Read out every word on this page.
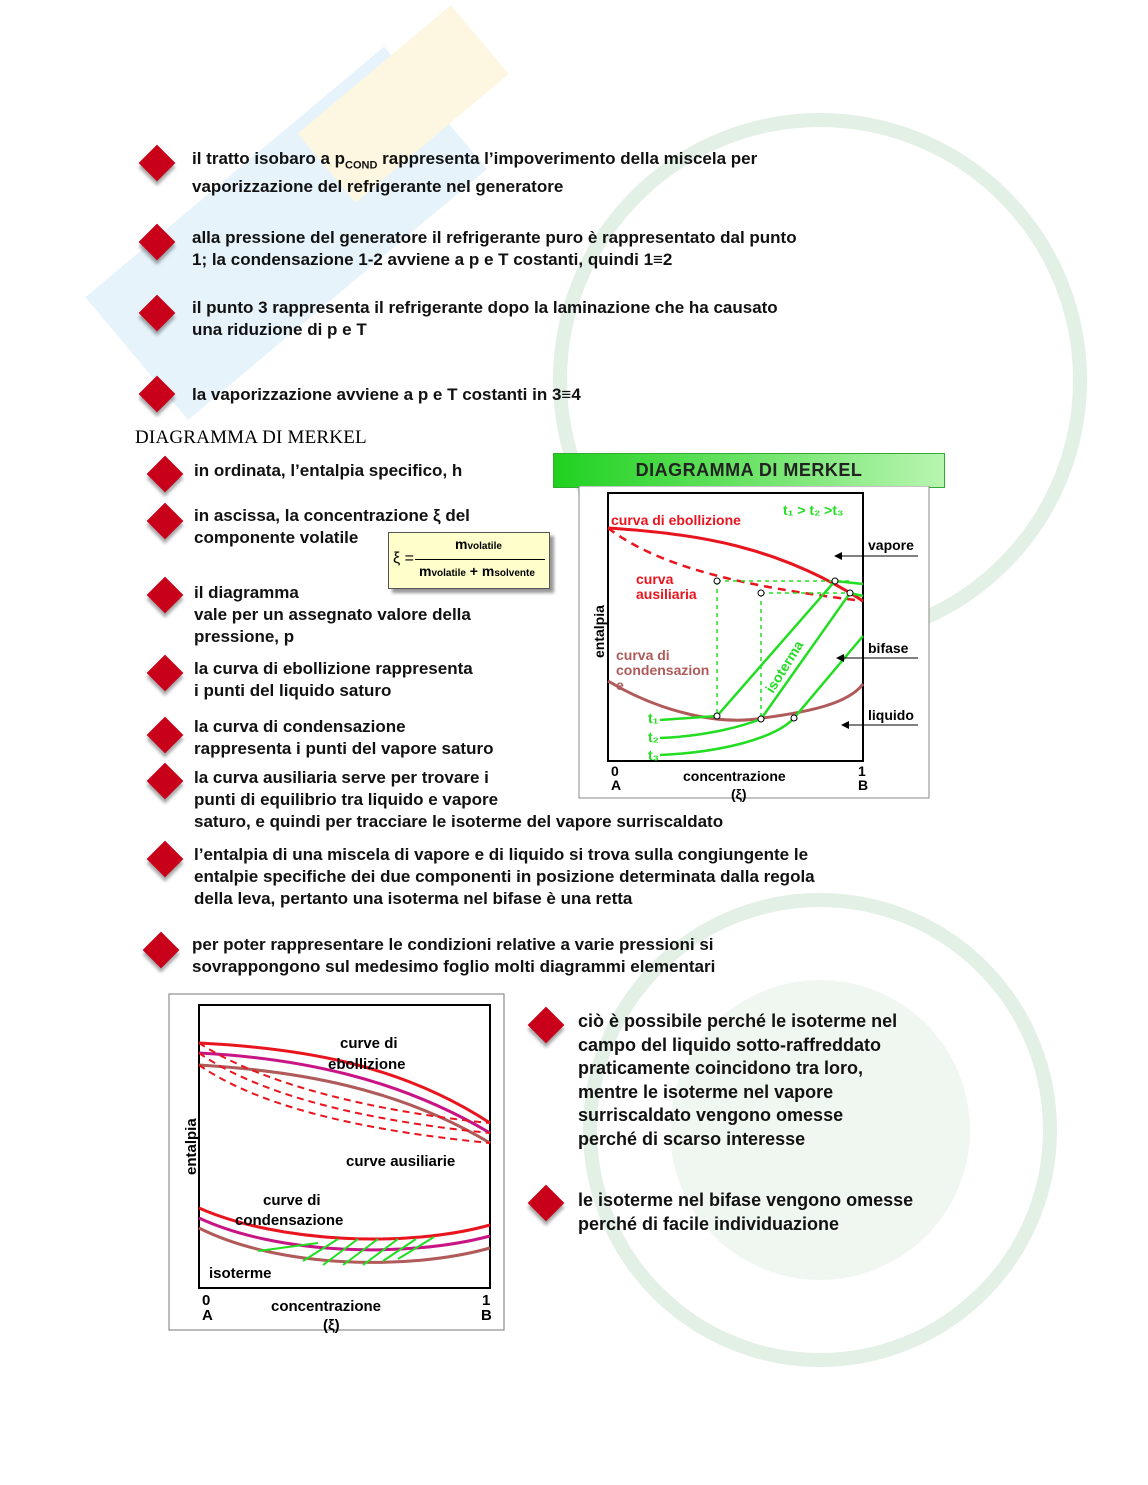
il tratto isobaro a $p_{COND}$ rappresenta l’impoverimento della miscela per
vaporizzazione del refrigerante nel generatore
alla pressione del generatore il refrigerante puro è rappresentato dal punto
1; la condensazione 1-2 avviene a p e T costanti, quindi 1≡2
il punto 3 rappresenta il refrigerante dopo la laminazione che ha causato
una riduzione di p e T
la vaporizzazione avviene a p e T costanti in 3≡4
DIAGRAMMA DI MERKEL
in ordinata, l’entalpia specifico, h
in ascissa, la concentrazione ξ del
componente volatile
ξ =
mvolatile
mvolatile + msolvente
il diagramma
vale per un assegnato valore della
pressione, p
la curva di ebollizione rappresenta
i punti del liquido saturo
la curva di condensazione
rappresenta i punti del vapore saturo
la curva ausiliaria serve per trovare i
punti di equilibrio tra liquido e vapore
saturo, e quindi per tracciare le isoterme del vapore surriscaldato
l’entalpia di una miscela di vapore e di liquido si trova sulla congiungente le
entalpie specifiche dei due componenti in posizione determinata dalla regola
della leva, pertanto una isoterma nel bifase è una retta
per poter rappresentare le condizioni relative a varie pressioni si
sovrappongono sul medesimo foglio molti diagrammi elementari
DIAGRAMMA DI MERKEL
t₁ > t₂ >t₃
curva di ebollizione
curva
ausiliaria
curva di
condensazion
e	isoterma
vapore
bifase
liquido
t₁
t₂
t₃
entalpia
concentrazione
(ξ)
0
A
1
B
curve di
ebollizione
curve ausiliarie
curve di
condensazione
isoterme
entalpia
concentrazione
(ξ)
0
A
1
B
ciò è possibile perché le isoterme nel
campo del liquido sotto-raffreddato
praticamente coincidono tra loro,
mentre le isoterme nel vapore
surriscaldato vengono omesse
perché di scarso interesse
le isoterme nel bifase vengono omesse
perché di facile individuazione
